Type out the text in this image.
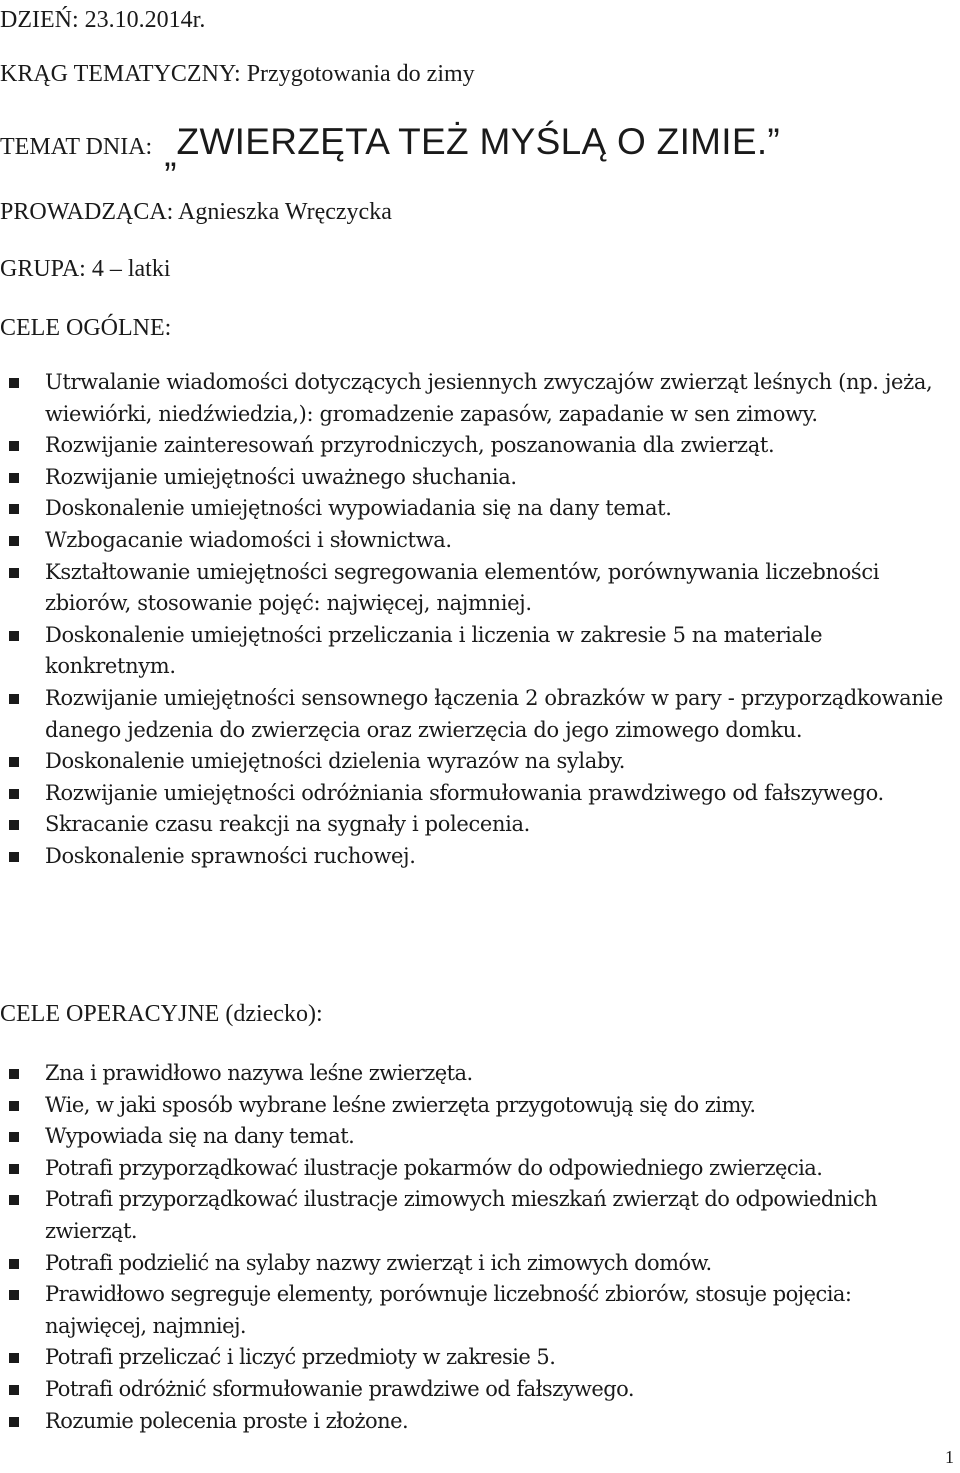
DZIEŃ: 23.10.2014r.
KRĄG TEMATYCZNY: Przygotowania do zimy
TEMAT DNIA: „ZWIERZĘTA TEŻ MYŚLĄ O ZIMIE.”
PROWADZĄCA: Agnieszka Wręczycka
GRUPA: 4 – latki
CELE OGÓLNE:
Utrwalanie wiadomości dotyczących jesiennych zwyczajów zwierząt leśnych (np. jeża, wiewiórki, niedźwiedzia,): gromadzenie zapasów, zapadanie w sen zimowy.
Rozwijanie zainteresowań przyrodniczych, poszanowania dla zwierząt.
Rozwijanie umiejętności uważnego słuchania.
Doskonalenie umiejętności wypowiadania się na dany temat.
Wzbogacanie wiadomości i słownictwa.
Kształtowanie umiejętności segregowania elementów, porównywania liczebności zbiorów, stosowanie pojęć: najwięcej, najmniej.
Doskonalenie umiejętności przeliczania i liczenia w zakresie 5 na materiale konkretnym.
Rozwijanie umiejętności sensownego łączenia 2 obrazków w pary - przyporządkowanie danego jedzenia do zwierzęcia oraz zwierzęcia do jego zimowego domku.
Doskonalenie umiejętności dzielenia wyrazów na sylaby.
Rozwijanie umiejętności odróżniania sformułowania prawdziwego od fałszywego.
Skracanie czasu reakcji na sygnały i polecenia.
Doskonalenie sprawności ruchowej.
CELE OPERACYJNE (dziecko):
Zna i prawidłowo nazywa leśne zwierzęta.
Wie, w jaki sposób wybrane leśne zwierzęta przygotowują się do zimy.
Wypowiada się na dany temat.
Potrafi przyporządkować ilustracje pokarmów do odpowiedniego zwierzęcia.
Potrafi przyporządkować ilustracje zimowych mieszkań zwierząt do odpowiednich zwierząt.
Potrafi podzielić na sylaby nazwy zwierząt i ich zimowych domów.
Prawidłowo segreguje elementy, porównuje liczebność zbiorów, stosuje pojęcia: najwięcej, najmniej.
Potrafi przeliczać i liczyć przedmioty w zakresie 5.
Potrafi odróżnić sformułowanie prawdziwe od fałszywego.
Rozumie polecenia proste i złożone.
1
